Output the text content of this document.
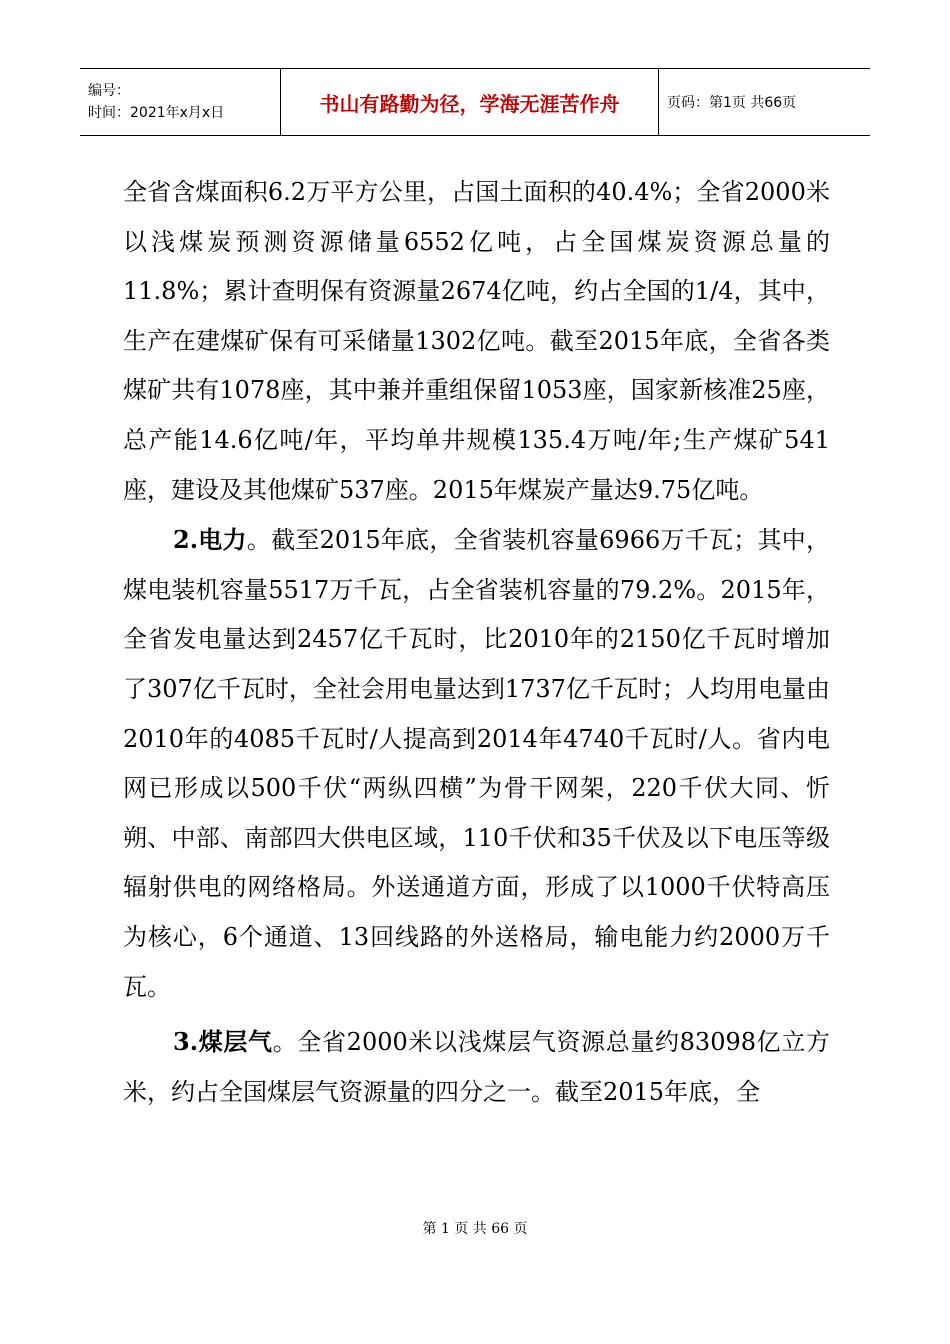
编号：
时间：2021年x月x日	书山有路勤为径，学海无涯苦作舟	页码：第1页 共66页

全省含煤面积6.2万平方公里，占国土面积的40.4%；全省2000米以浅煤炭预测资源储量6552亿吨，占全国煤炭资源总量的11.8%；累计查明保有资源量2674亿吨，约占全国的1/4，其中，生产在建煤矿保有可采储量1302亿吨。截至2015年底，全省各类煤矿共有1078座，其中兼并重组保留1053座，国家新核准25座，总产能14.6亿吨/年，平均单井规模135.4万吨/年;生产煤矿541座，建设及其他煤矿537座。2015年煤炭产量达9.75亿吨。

2.电力。截至2015年底，全省装机容量6966万千瓦；其中，煤电装机容量5517万千瓦，占全省装机容量的79.2%。2015年，全省发电量达到2457亿千瓦时，比2010年的2150亿千瓦时增加了307亿千瓦时，全社会用电量达到1737亿千瓦时；人均用电量由2010年的4085千瓦时/人提高到2014年4740千瓦时/人。省内电网已形成以500千伏“两纵四横”为骨干网架，220千伏大同、忻朔、中部、南部四大供电区域，110千伏和35千伏及以下电压等级辐射供电的网络格局。外送通道方面，形成了以1000千伏特高压为核心，6个通道、13回线路的外送格局，输电能力约2000万千瓦。

3.煤层气。全省2000米以浅煤层气资源总量约83098亿立方米，约占全国煤层气资源量的四分之一。截至2015年底，全

第 1 页 共 66 页
